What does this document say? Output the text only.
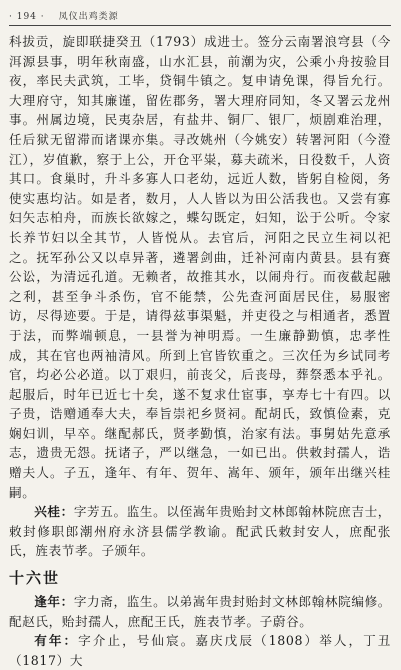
· 194 · 凤仪出鸡类源

科拔贡，旋即联捷癸丑（1793）成进士。签分云南署浪穹县（今洱源县事，明年秋南盛，山水汇县，前潮为灾，公乘小舟按验目夜，率民夫武筑，工毕，贷铜牛镇之。复申请免课，得旨允行。大理府守，知其廉谨，留佐郡务，署大理府同知，冬又署云龙州事。州属边境，民夷杂居，有盐井、铜厂、银厂，烦剧难治理，任后狱无留滞而诸课亦集。寻改姚州（今姚安）转署河阳（今澄江），岁值歉，察于上公，开仓平粜，募夫疏米，日役数千，人资其口。食巢时，升斗多寡人口老幼，远近人数，皆躬自检阅，务使实惠均沾。如是者，数月，人人皆以为田公活我也。又尝有寡妇矢志柏舟，而族长欲嫁之，蝶勾既定，妇知，讼于公听。令家长养节妇以全其节，人皆悦从。去官后，河阳之民立生祠以祀之。抚军孙公又以卓异著，遴署剑曲，迁补河南内黄县。县有赛公讼，为清远孔道。无赖者，故推其水，以闹舟行。而夜截起融之利，甚至争斗杀伤，官不能禁，公先查河面居民住，易服密访，尽得迹要。于是，请得兹事渠魁，并吏役之与相通者，悉置于法，而弊端顿息，一县誉为神明焉。一生廉静勤慎，忠孝性成，其在官也两袖清风。所到上官皆钦重之。三次任为乡试同考官，均必公必道。以丁艰归，前丧父，后丧母，葬祭悉本乎礼。起服后，时年已近七十矣，遂不复求仕宦事，享寿七十有四。以子贵，诰赠通奉大夫，奉旨崇祀乡贤祠。配胡氏，致慎俭素，克娴妇训，早卒。继配郝氏，贤孝勤慎，治家有法。事舅姑先意承志，遗贵无怨。抚诸子，严以继急，一如已出。供敕封孺人，诰赠夫人。子五，逢年、有年、贺年、嵩年、颁年，颁年出继兴桂嗣。

兴桂：字芳五。监生。以侄嵩年贵贻封文林郎翰林院庶吉士，敕封修职郎潮州府永济县儒学教谕。配武氏敕封安人，庶配张氏，旌表节孝。子颁年。

十六世

逢年：字力斋，监生。以弟嵩年贵封贻封文林郎翰林院编修。配赵氏，贻封孺人，庶配王氏，旌表节孝。子蔚谷。

有年：字介止，号仙宸。嘉庆戊辰（1808）举人，丁丑（1817）大
